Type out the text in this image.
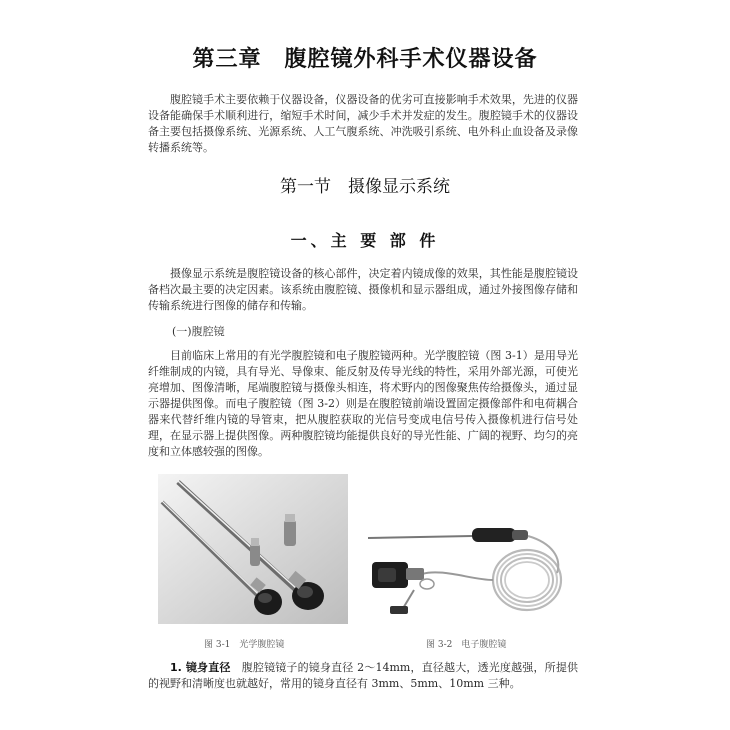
第三章　腹腔镜外科手术仪器设备

腹腔镜手术主要依赖于仪器设备，仪器设备的优劣可直接影响手术效果，先进的仪器设备能确保手术顺利进行，缩短手术时间，减少手术并发症的发生。腹腔镜手术的仪器设备主要包括摄像系统、光源系统、人工气腹系统、冲洗吸引系统、电外科止血设备及录像转播系统等。

第一节　摄像显示系统
一、主 要 部 件

摄像显示系统是腹腔镜设备的核心部件，决定着内镜成像的效果，其性能是腹腔镜设备档次最主要的决定因素。该系统由腹腔镜、摄像机和显示器组成，通过外接图像存储和传输系统进行图像的储存和传输。

(一)腹腔镜

目前临床上常用的有光学腹腔镜和电子腹腔镜两种。光学腹腔镜（图 3-1）是用导光纤维制成的内镜，具有导光、导像束、能反射及传导光线的特性，采用外部光源，可使光亮增加、图像清晰，尾端腹腔镜与摄像头相连，将术野内的图像聚焦传给摄像头，通过显示器提供图像。而电子腹腔镜（图 3-2）则是在腹腔镜前端设置固定摄像部件和电荷耦合器来代替纤维内镜的导管束，把从腹腔获取的光信号变成电信号传入摄像机进行信号处理，在显示器上提供图像。两种腹腔镜均能提供良好的导光性能、广阔的视野、均匀的亮度和立体感较强的图像。

图 3-1　光学腹腔镜	图 3-2　电子腹腔镜

1. 镜身直径　腹腔镜镜子的镜身直径 2～14mm，直径越大，透光度越强，所提供的视野和清晰度也就越好，常用的镜身直径有 3mm、5mm、10mm 三种。
